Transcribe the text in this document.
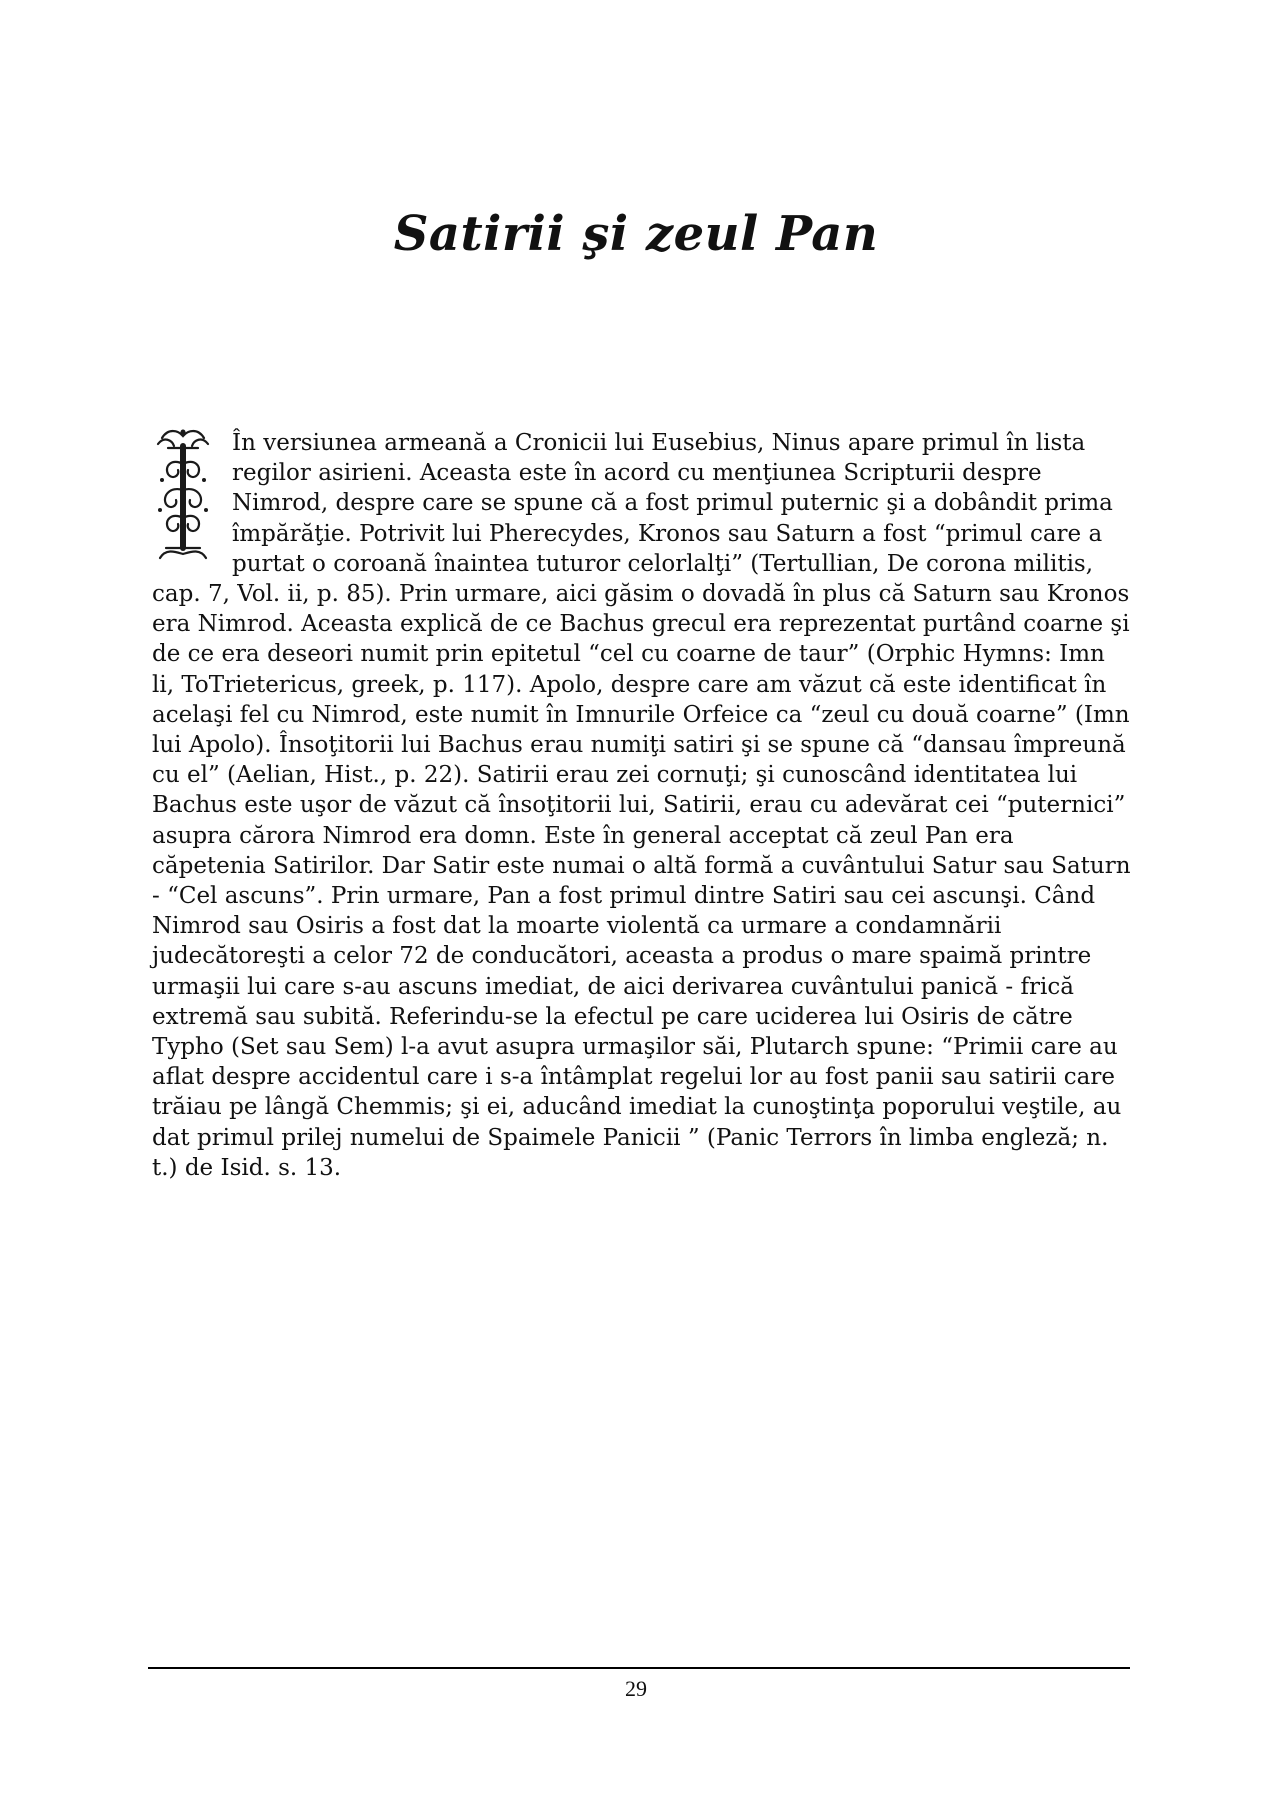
Satirii şi zeul Pan

În versiunea armeană a Cronicii lui Eusebius, Ninus apare primul în lista regilor asirieni. Aceasta este în acord cu menţiunea Scripturii despre Nimrod, despre care se spune că a fost primul puternic şi a dobândit prima împărăţie. Potrivit lui Pherecydes, Kronos sau Saturn a fost “primul care a purtat o coroană înaintea tuturor celorlalţi” (Tertullian, De corona militis, cap. 7, Vol. ii, p. 85). Prin urmare, aici găsim o dovadă în plus că Saturn sau Kronos era Nimrod. Aceasta explică de ce Bachus grecul era reprezentat purtând coarne şi de ce era deseori numit prin epitetul “cel cu coarne de taur” (Orphic Hymns: Imn li, ToTrietericus, greek, p. 117). Apolo, despre care am văzut că este identificat în acelaşi fel cu Nimrod, este numit în Imnurile Orfeice ca “zeul cu două coarne” (Imn lui Apolo). Însoţitorii lui Bachus erau numiţi satiri şi se spune că “dansau împreună cu el” (Aelian, Hist., p. 22). Satirii erau zei cornuţi; şi cunoscând identitatea lui Bachus este uşor de văzut că însoţitorii lui, Satirii, erau cu adevărat cei “puternici” asupra cărora Nimrod era domn. Este în general acceptat că zeul Pan era căpetenia Satirilor. Dar Satir este numai o altă formă a cuvântului Satur sau Saturn - “Cel ascuns”. Prin urmare, Pan a fost primul dintre Satiri sau cei ascunşi. Când Nimrod sau Osiris a fost dat la moarte violentă ca urmare a condamnării judecătoreşti a celor 72 de conducători, aceasta a produs o mare spaimă printre urmaşii lui care s-au ascuns imediat, de aici derivarea cuvântului panică - frică extremă sau subită. Referindu-se la efectul pe care uciderea lui Osiris de către Typho (Set sau Sem) l-a avut asupra urmaşilor săi, Plutarch spune: “Primii care au aflat despre accidentul care i s-a întâmplat regelui lor au fost panii sau satirii care trăiau pe lângă Chemmis; şi ei, aducând imediat la cunoştinţa poporului veştile, au dat primul prilej numelui de Spaimele Panicii ” (Panic Terrors în limba engleză; n. t.) de Isid. s. 13.

29
